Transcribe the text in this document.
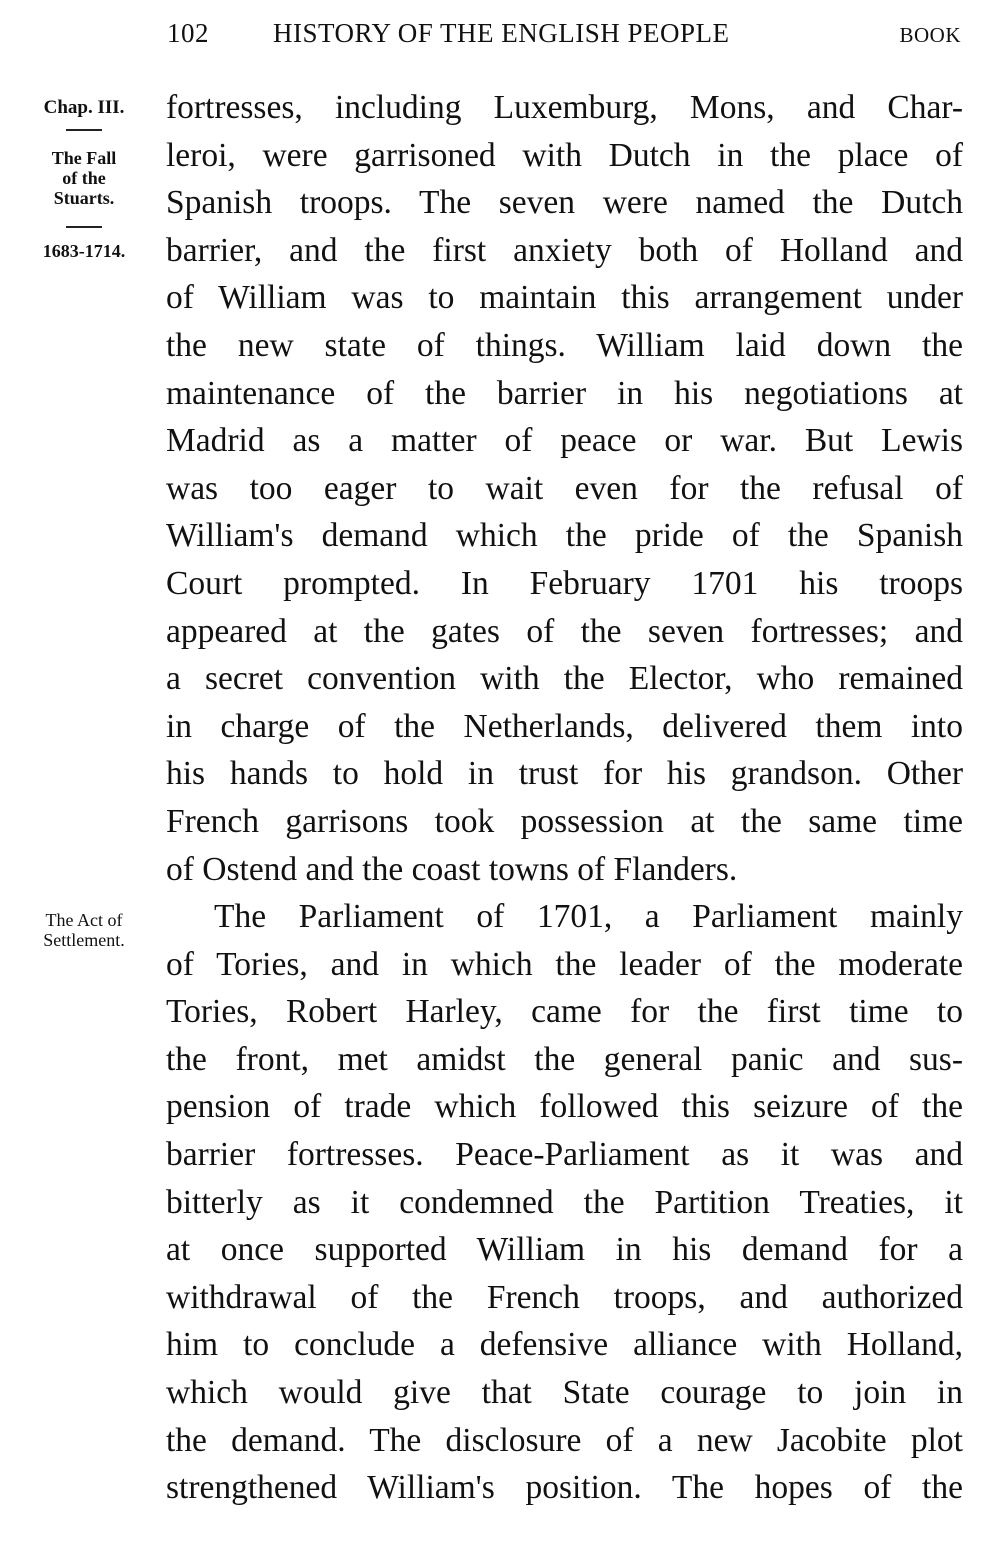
102 HISTORY OF THE ENGLISH PEOPLE	BOOK
Chap. III.
The Fall
of the
Stuarts.
1683-1714.
The Act of
Settlement.
fortresses, including Luxemburg, Mons, and Char-
leroi, were garrisoned with Dutch in the place of
Spanish troops. The seven were named the Dutch
barrier, and the first anxiety both of Holland and
of William was to maintain this arrangement under
the new state of things. William laid down the
maintenance of the barrier in his negotiations at
Madrid as a matter of peace or war. But Lewis
was too eager to wait even for the refusal of
William's demand which the pride of the Spanish
Court prompted. In February 1701 his troops
appeared at the gates of the seven fortresses; and
a secret convention with the Elector, who remained
in charge of the Netherlands, delivered them into
his hands to hold in trust for his grandson. Other
French garrisons took possession at the same time
of Ostend and the coast towns of Flanders.
The Parliament of 1701, a Parliament mainly
of Tories, and in which the leader of the moderate
Tories, Robert Harley, came for the first time to
the front, met amidst the general panic and sus-
pension of trade which followed this seizure of the
barrier fortresses. Peace-Parliament as it was and
bitterly as it condemned the Partition Treaties, it
at once supported William in his demand for a
withdrawal of the French troops, and authorized
him to conclude a defensive alliance with Holland,
which would give that State courage to join in
the demand. The disclosure of a new Jacobite plot
strengthened William's position. The hopes of the
